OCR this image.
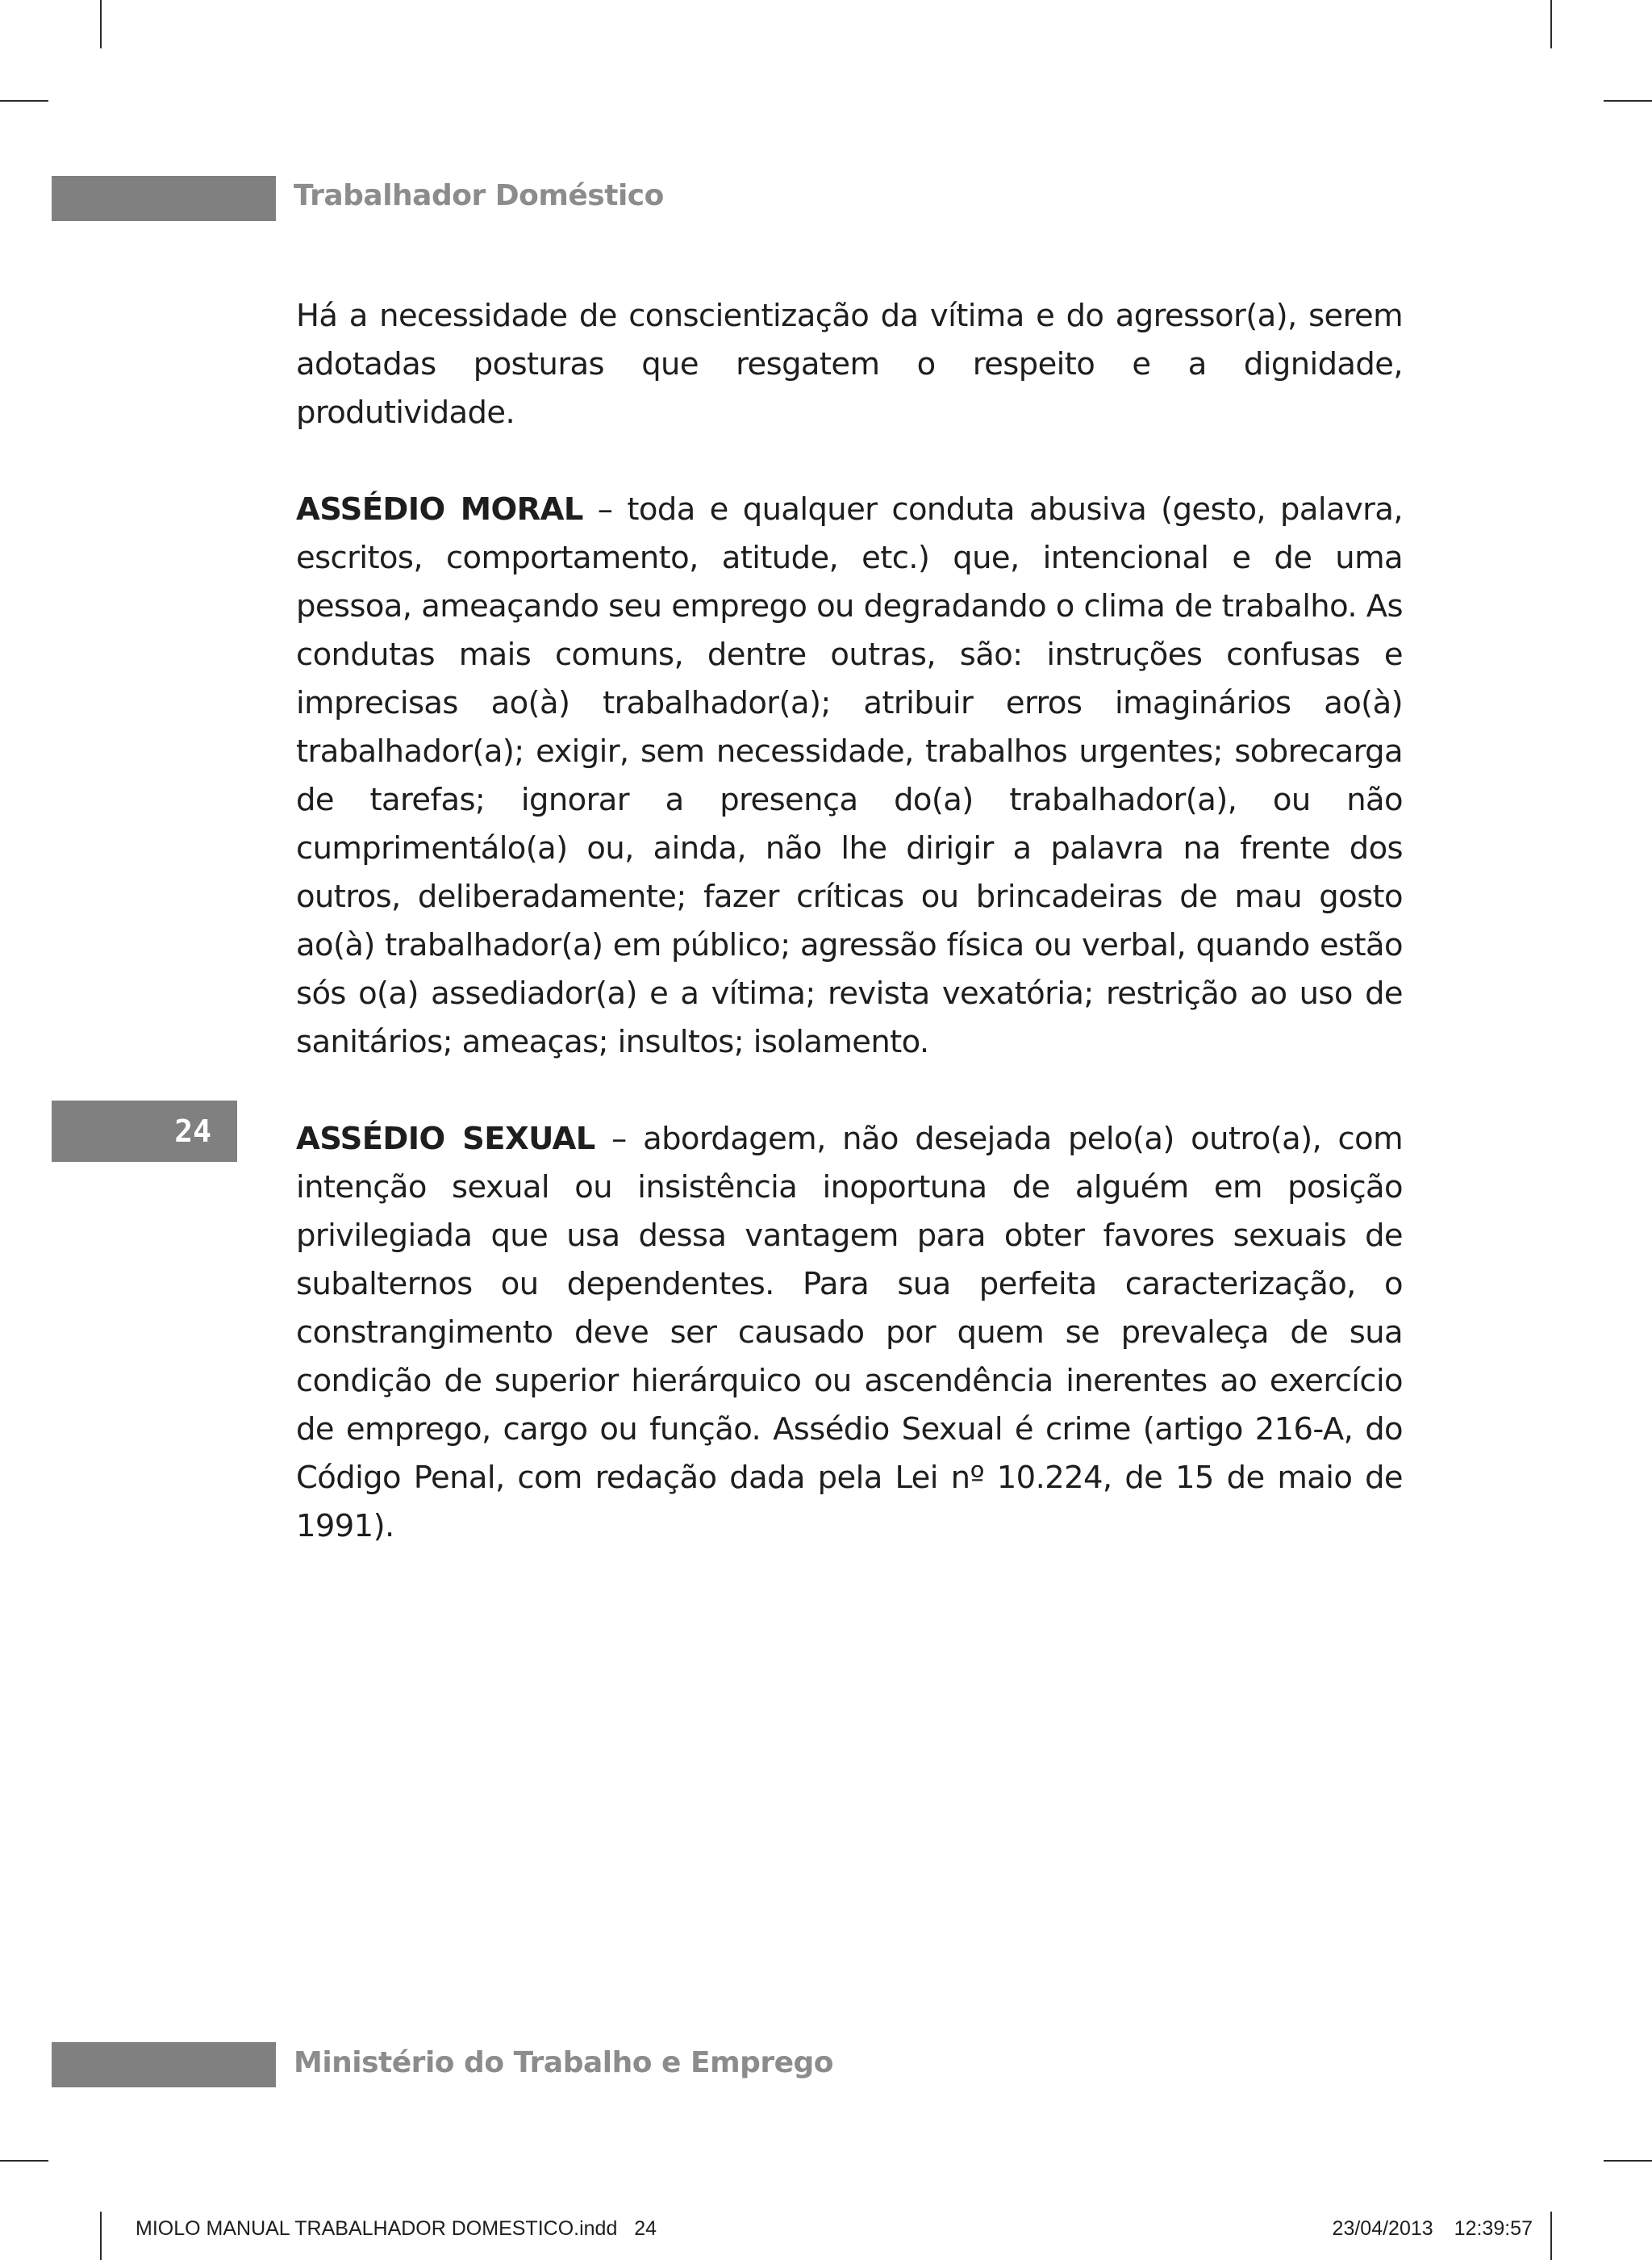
Trabalhador Doméstico

Há a necessidade de conscientização da vítima e do agressor(a), serem adotadas posturas que resgatem o respeito e a dignidade, produtividade.

ASSÉDIO MORAL – toda e qualquer conduta abusiva (gesto, palavra, escritos, comportamento, atitude, etc.) que, intencional e de uma pessoa, ameaçando seu emprego ou degradando o clima de trabalho. As condutas mais comuns, dentre outras, são: instruções confusas e imprecisas ao(à) trabalhador(a); atribuir erros imaginários ao(à) trabalhador(a); exigir, sem necessidade, trabalhos urgentes; sobrecarga de tarefas; ignorar a presença do(a) trabalhador(a), ou não cumprimentálo(a) ou, ainda, não lhe dirigir a palavra na frente dos outros, deliberadamente; fazer críticas ou brincadeiras de mau gosto ao(à) trabalhador(a) em público; agressão física ou verbal, quando estão sós o(a) assediador(a) e a vítima; revista vexatória; restrição ao uso de sanitários; ameaças; insultos; isolamento.

ASSÉDIO SEXUAL – abordagem, não desejada pelo(a) outro(a), com intenção sexual ou insistência inoportuna de alguém em posição privilegiada que usa dessa vantagem para obter favores sexuais de subalternos ou dependentes. Para sua perfeita caracterização, o constrangimento deve ser causado por quem se prevaleça de sua condição de superior hierárquico ou ascendência inerentes ao exercício de emprego, cargo ou função. Assédio Sexual é crime (artigo 216-A, do Código Penal, com redação dada pela Lei nº 10.224, de 15 de maio de 1991).

24
Ministério do Trabalho e Emprego
MIOLO MANUAL TRABALHADOR DOMESTICO.indd   24	23/04/2013 12:39:57
